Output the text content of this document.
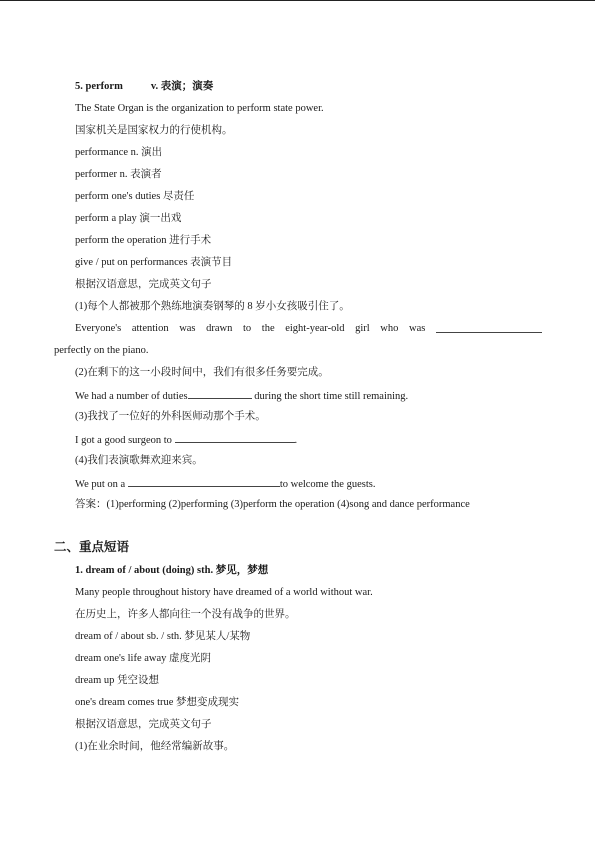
5. perform	v. 表演；演奏
The State Organ is the organization to perform state power.
国家机关是国家权力的行使机构。
performance n. 演出
performer n. 表演者
perform one's duties 尽责任
perform a play 演一出戏
perform the operation 进行手术
give / put on performances 表演节目
根据汉语意思，完成英文句子
(1)每个人都被那个熟练地演奏钢琴的 8 岁小女孩吸引住了。
Everyone's attention was drawn to the eight-year-old girl who was
perfectly on the piano.
(2)在剩下的这一小段时间中，我们有很多任务要完成。
We had a number of duties	during the short time still remaining.
(3)我找了一位好的外科医师动那个手术。
I got a good surgeon to	.
(4)我们表演歌舞欢迎来宾。
We put on a	to welcome the guests.
答案：(1)performing (2)performing (3)perform the operation (4)song and dance performance
二、重点短语
1. dream of / about (doing) sth. 梦见，梦想
Many people throughout history have dreamed of a world without war.
在历史上，许多人都向往一个没有战争的世界。
dream of / about sb. / sth. 梦见某人/某物
dream one's life away 虚度光阴
dream up 凭空设想
one's dream comes true 梦想变成现实
根据汉语意思，完成英文句子
(1)在业余时间，他经常编新故事。
